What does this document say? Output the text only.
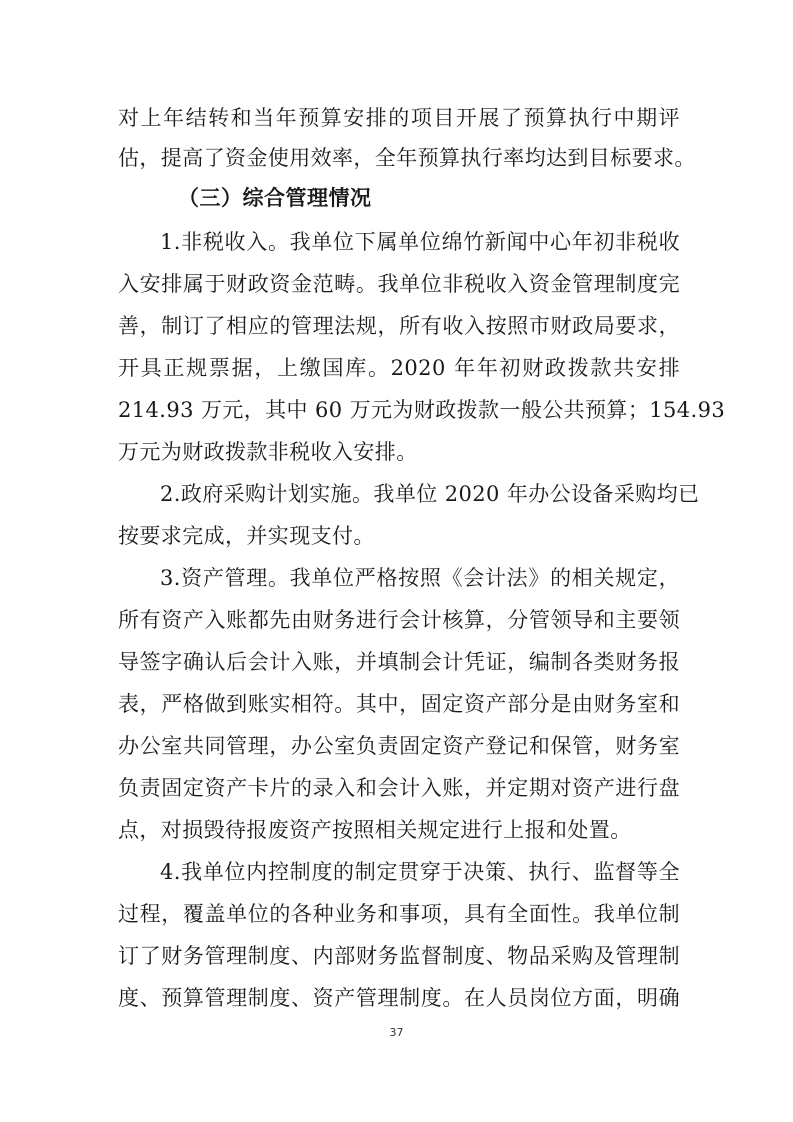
对上年结转和当年预算安排的项目开展了预算执行中期评
估，提高了资金使用效率，全年预算执行率均达到目标要求。
（三）综合管理情况
1.非税收入。我单位下属单位绵竹新闻中心年初非税收
入安排属于财政资金范畴。我单位非税收入资金管理制度完
善，制订了相应的管理法规，所有收入按照市财政局要求，
开具正规票据，上缴国库。2020 年年初财政拨款共安排
214.93 万元，其中 60 万元为财政拨款一般公共预算；154.93
万元为财政拨款非税收入安排。
2.政府采购计划实施。我单位 2020 年办公设备采购均已
按要求完成，并实现支付。
3.资产管理。我单位严格按照《会计法》的相关规定，
所有资产入账都先由财务进行会计核算，分管领导和主要领
导签字确认后会计入账，并填制会计凭证，编制各类财务报
表，严格做到账实相符。其中，固定资产部分是由财务室和
办公室共同管理，办公室负责固定资产登记和保管，财务室
负责固定资产卡片的录入和会计入账，并定期对资产进行盘
点，对损毁待报废资产按照相关规定进行上报和处置。
4.我单位内控制度的制定贯穿于决策、执行、监督等全
过程，覆盖单位的各种业务和事项，具有全面性。我单位制
订了财务管理制度、内部财务监督制度、物品采购及管理制
度、预算管理制度、资产管理制度。在人员岗位方面，明确
37
